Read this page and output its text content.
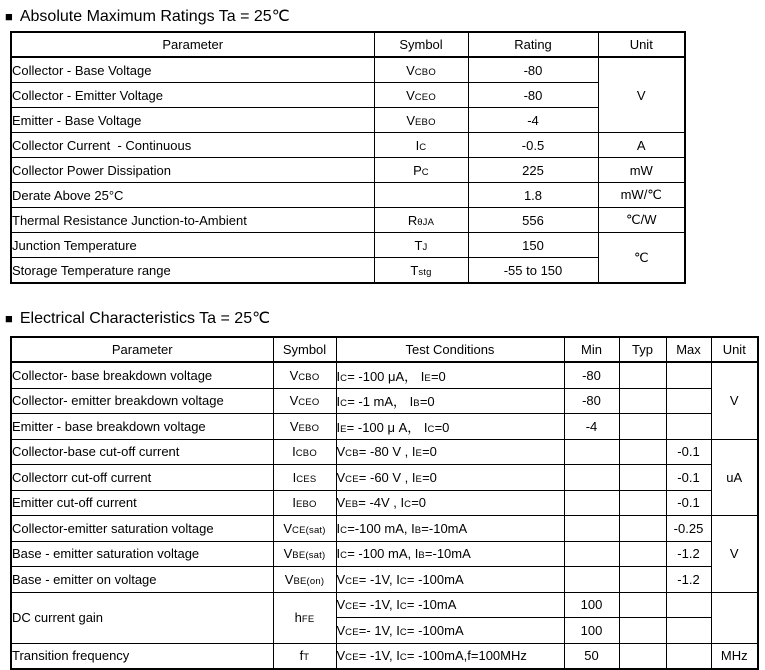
■ Absolute Maximum Ratings Ta = 25℃
Parameter	Symbol	Rating	Unit
Collector - Base Voltage	VCBO	-80	V
Collector - Emitter Voltage	VCEO	-80	
Emitter - Base Voltage	VEBO	-4	
Collector Current  - Continuous	IC	-0.5	A
Collector Power Dissipation	PC	225	mW
Derate Above 25°C		1.8	mW/℃
Thermal Resistance Junction-to-Ambient	RθJA	556	℃/W
Junction Temperature	TJ	150	℃
Storage Temperature range	Tstg	-55 to 150	
■ Electrical Characteristics Ta = 25℃
Parameter	Symbol	Test Conditions	Min	Typ	Max	Unit
Collector- base breakdown voltage	VCBO	IC= -100 μA， IE=0	-80			V
Collector- emitter breakdown voltage	VCEO	IC= -1 mA， IB=0	-80			
Emitter - base breakdown voltage	VEBO	IE= -100 μ A， IC=0	-4			
Collector-base cut-off current	ICBO	VCB= -80 V , IE=0			-0.1	uA
Collectorr cut-off current	ICES	VCE= -60 V , IE=0			-0.1	
Emitter cut-off current	IEBO	VEB= -4V , IC=0			-0.1	
Collector-emitter saturation voltage	VCE(sat)	IC=-100 mA, IB=-10mA			-0.25	V
Base - emitter saturation voltage	VBE(sat)	IC= -100 mA, IB=-10mA			-1.2	
Base - emitter on voltage	VBE(on)	VCE= -1V, IC= -100mA			-1.2	
DC current gain	hFE	VCE= -1V, IC= -10mA	100			
		VCE=- 1V, IC= -100mA	100			
Transition frequency	fT	VCE= -1V, IC= -100mA,f=100MHz	50			MHz
